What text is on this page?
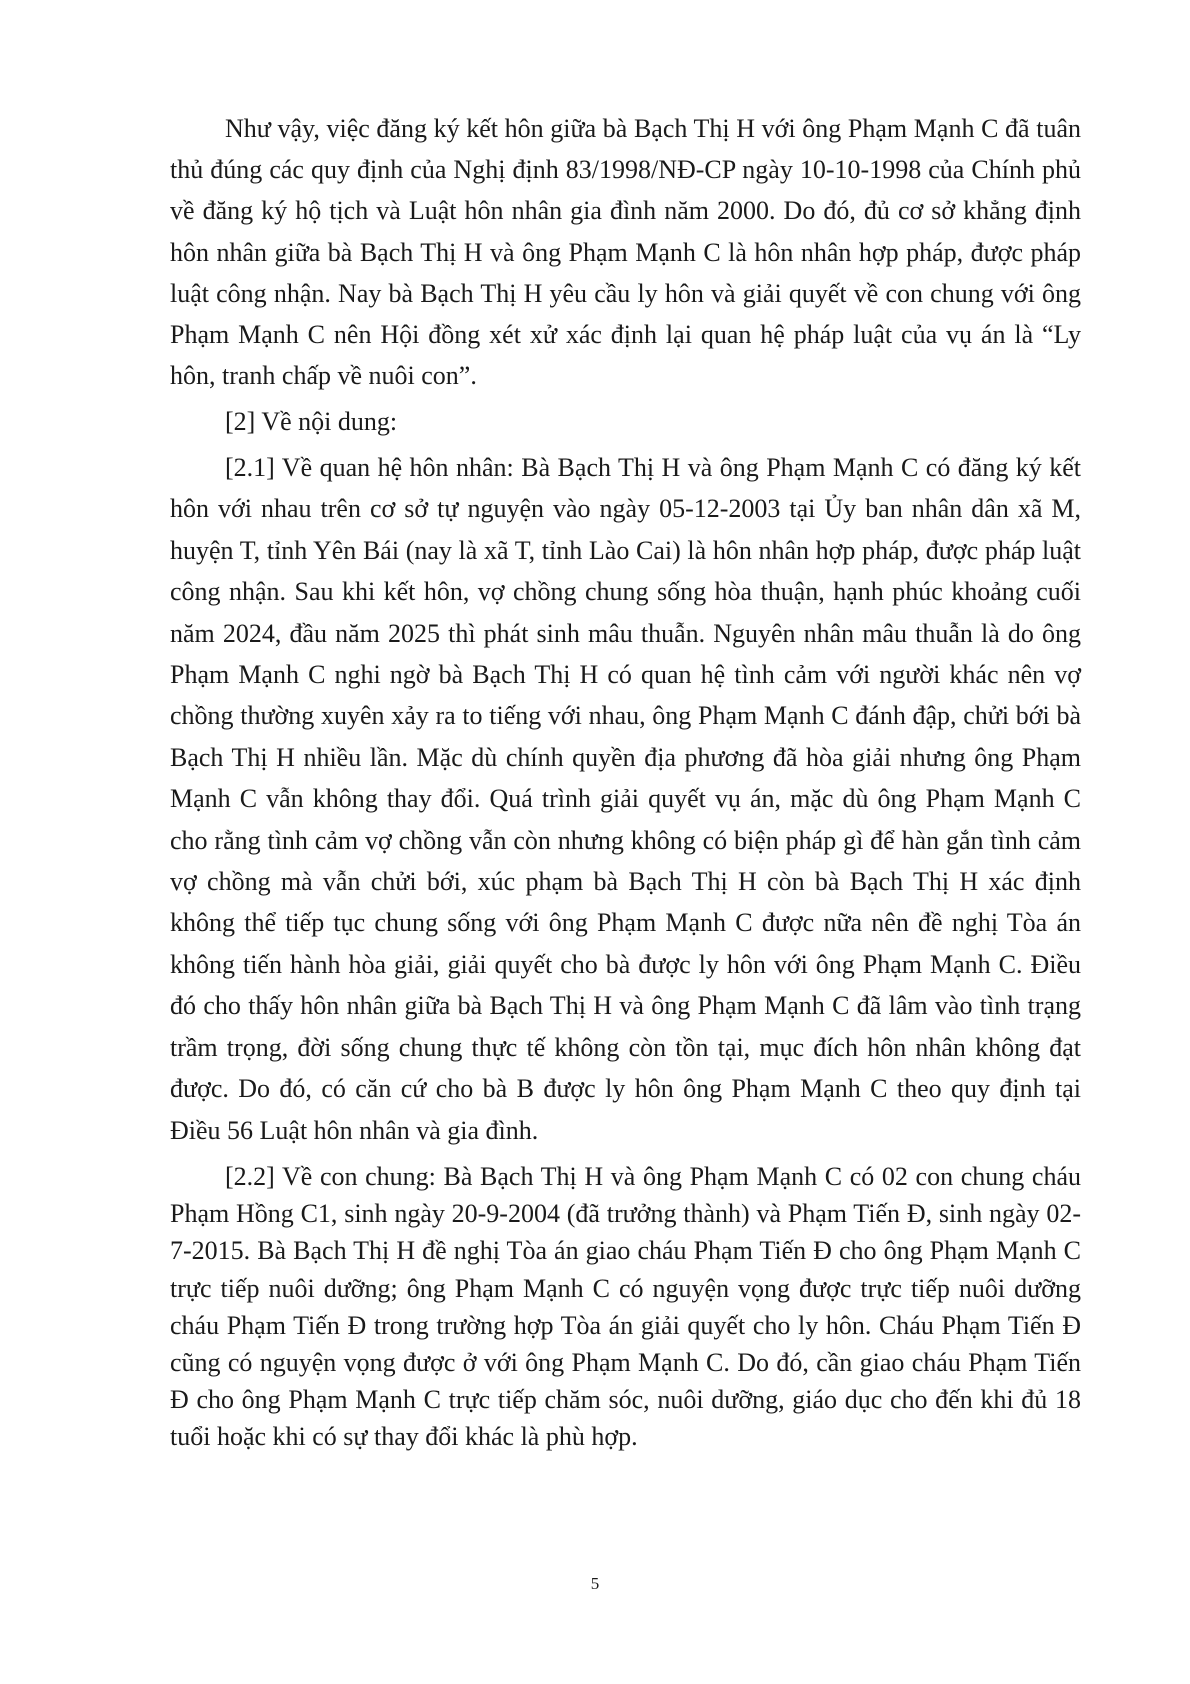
Như vậy, việc đăng ký kết hôn giữa bà Bạch Thị H với ông Phạm Mạnh C đã tuân thủ đúng các quy định của Nghị định 83/1998/NĐ-CP ngày 10-10-1998 của Chính phủ về đăng ký hộ tịch và Luật hôn nhân gia đình năm 2000. Do đó, đủ cơ sở khẳng định hôn nhân giữa bà Bạch Thị H và ông Phạm Mạnh C là hôn nhân hợp pháp, được pháp luật công nhận. Nay bà Bạch Thị H yêu cầu ly hôn và giải quyết về con chung với ông Phạm Mạnh C nên Hội đồng xét xử xác định lại quan hệ pháp luật của vụ án là “Ly hôn, tranh chấp về nuôi con”.

[2] Về nội dung:

[2.1] Về quan hệ hôn nhân: Bà Bạch Thị H và ông Phạm Mạnh C có đăng ký kết hôn với nhau trên cơ sở tự nguyện vào ngày 05-12-2003 tại Ủy ban nhân dân xã M, huyện T, tỉnh Yên Bái (nay là xã T, tỉnh Lào Cai) là hôn nhân hợp pháp, được pháp luật công nhận. Sau khi kết hôn, vợ chồng chung sống hòa thuận, hạnh phúc khoảng cuối năm 2024, đầu năm 2025 thì phát sinh mâu thuẫn. Nguyên nhân mâu thuẫn là do ông Phạm Mạnh C nghi ngờ bà Bạch Thị H có quan hệ tình cảm với người khác nên vợ chồng thường xuyên xảy ra to tiếng với nhau, ông Phạm Mạnh C đánh đập, chửi bới bà Bạch Thị H nhiều lần. Mặc dù chính quyền địa phương đã hòa giải nhưng ông Phạm Mạnh C vẫn không thay đổi. Quá trình giải quyết vụ án, mặc dù ông Phạm Mạnh C cho rằng tình cảm vợ chồng vẫn còn nhưng không có biện pháp gì để hàn gắn tình cảm vợ chồng mà vẫn chửi bới, xúc phạm bà Bạch Thị H còn bà Bạch Thị H xác định không thể tiếp tục chung sống với ông Phạm Mạnh C được nữa nên đề nghị Tòa án không tiến hành hòa giải, giải quyết cho bà được ly hôn với ông Phạm Mạnh C. Điều đó cho thấy hôn nhân giữa bà Bạch Thị H và ông Phạm Mạnh C đã lâm vào tình trạng trầm trọng, đời sống chung thực tế không còn tồn tại, mục đích hôn nhân không đạt được. Do đó, có căn cứ cho bà B được ly hôn ông Phạm Mạnh C theo quy định tại Điều 56 Luật hôn nhân và gia đình.

[2.2] Về con chung: Bà Bạch Thị H và ông Phạm Mạnh C có 02 con chung cháu Phạm Hồng C1, sinh ngày 20-9-2004 (đã trưởng thành) và Phạm Tiến Đ, sinh ngày 02-7-2015. Bà Bạch Thị H đề nghị Tòa án giao cháu Phạm Tiến Đ cho ông Phạm Mạnh C trực tiếp nuôi dưỡng; ông Phạm Mạnh C có nguyện vọng được trực tiếp nuôi dưỡng cháu Phạm Tiến Đ trong trường hợp Tòa án giải quyết cho ly hôn. Cháu Phạm Tiến Đ cũng có nguyện vọng được ở với ông Phạm Mạnh C. Do đó, cần giao cháu Phạm Tiến Đ cho ông Phạm Mạnh C trực tiếp chăm sóc, nuôi dưỡng, giáo dục cho đến khi đủ 18 tuổi hoặc khi có sự thay đổi khác là phù hợp.

5
